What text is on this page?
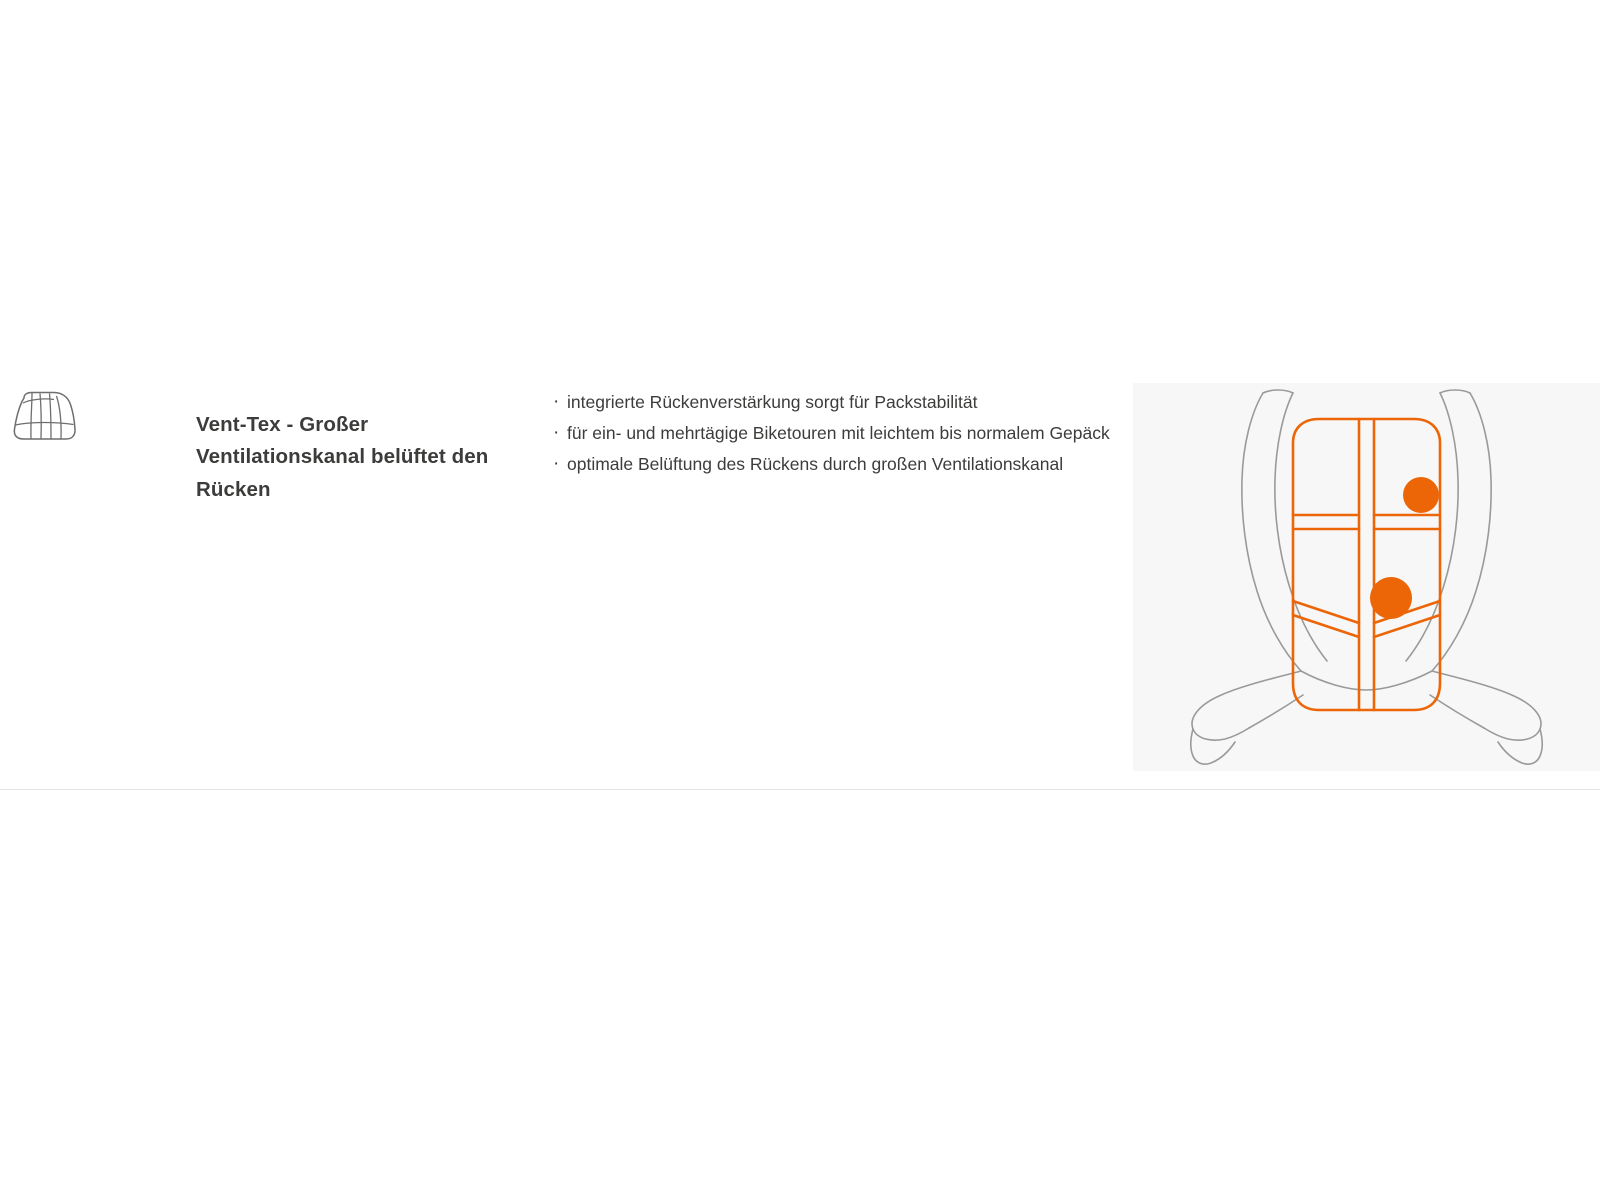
Vent-Tex - Großer Ventilationskanal belüftet den Rücken
· integrierte Rückenverstärkung sorgt für Packstabilität
· für ein- und mehrtägige Biketouren mit leichtem bis normalem Gepäck
· optimale Belüftung des Rückens durch großen Ventilationskanal
